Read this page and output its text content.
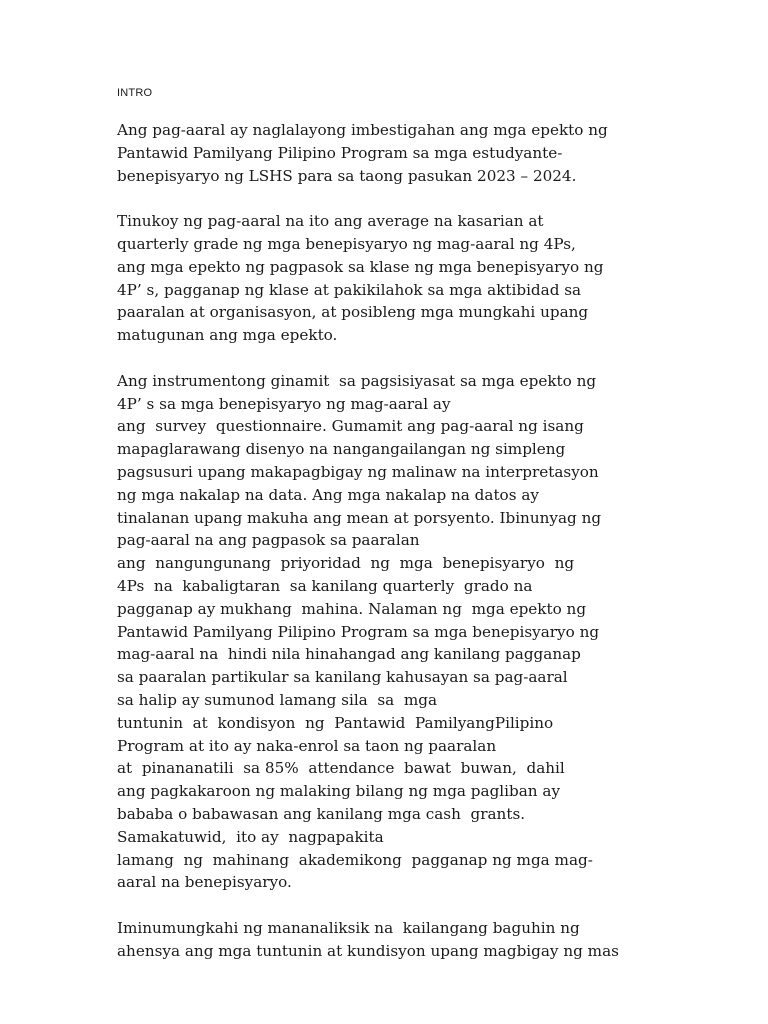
INTRO
Ang pag-aaral ay naglalayong imbestigahan ang mga epekto ng
Pantawid Pamilyang Pilipino Program sa mga estudyante-
benepisyaryo ng LSHS para sa taong pasukan 2023 – 2024.
Tinukoy ng pag-aaral na ito ang average na kasarian at
quarterly grade ng mga benepisyaryo ng mag-aaral ng 4Ps,
ang mga epekto ng pagpasok sa klase ng mga benepisyaryo ng
4P’ s, pagganap ng klase at pakikilahok sa mga aktibidad sa
paaralan at organisasyon, at posibleng mga mungkahi upang
matugunan ang mga epekto.
Ang instrumentong ginamit  sa pagsisiyasat sa mga epekto ng
4P’ s sa mga benepisyaryo ng mag-aaral ay
ang  survey  questionnaire. Gumamit ang pag-aaral ng isang
mapaglarawang disenyo na nangangailangan ng simpleng
pagsusuri upang makapagbigay ng malinaw na interpretasyon
ng mga nakalap na data. Ang mga nakalap na datos ay
tinalanan upang makuha ang mean at porsyento. Ibinunyag ng
pag-aaral na ang pagpasok sa paaralan
ang  nangungunang  priyoridad  ng  mga  benepisyaryo  ng
4Ps  na  kabaligtaran  sa kanilang quarterly  grado na
pagganap ay mukhang  mahina. Nalaman ng  mga epekto ng
Pantawid Pamilyang Pilipino Program sa mga benepisyaryo ng
mag-aaral na  hindi nila hinahangad ang kanilang pagganap
sa paaralan partikular sa kanilang kahusayan sa pag-aaral
sa halip ay sumunod lamang sila  sa  mga
tuntunin  at  kondisyon  ng  Pantawid  PamilyangPilipino
Program at ito ay naka-enrol sa taon ng paaralan
at  pinananatili  sa 85%  attendance  bawat  buwan,  dahil
ang pagkakaroon ng malaking bilang ng mga pagliban ay
bababa o babawasan ang kanilang mga cash  grants.
Samakatuwid,  ito ay  nagpapakita
lamang  ng  mahinang  akademikong  pagganap ng mga mag-
aaral na benepisyaryo.
Iminumungkahi ng mananaliksik na  kailangang baguhin ng
ahensya ang mga tuntunin at kundisyon upang magbigay ng mas
